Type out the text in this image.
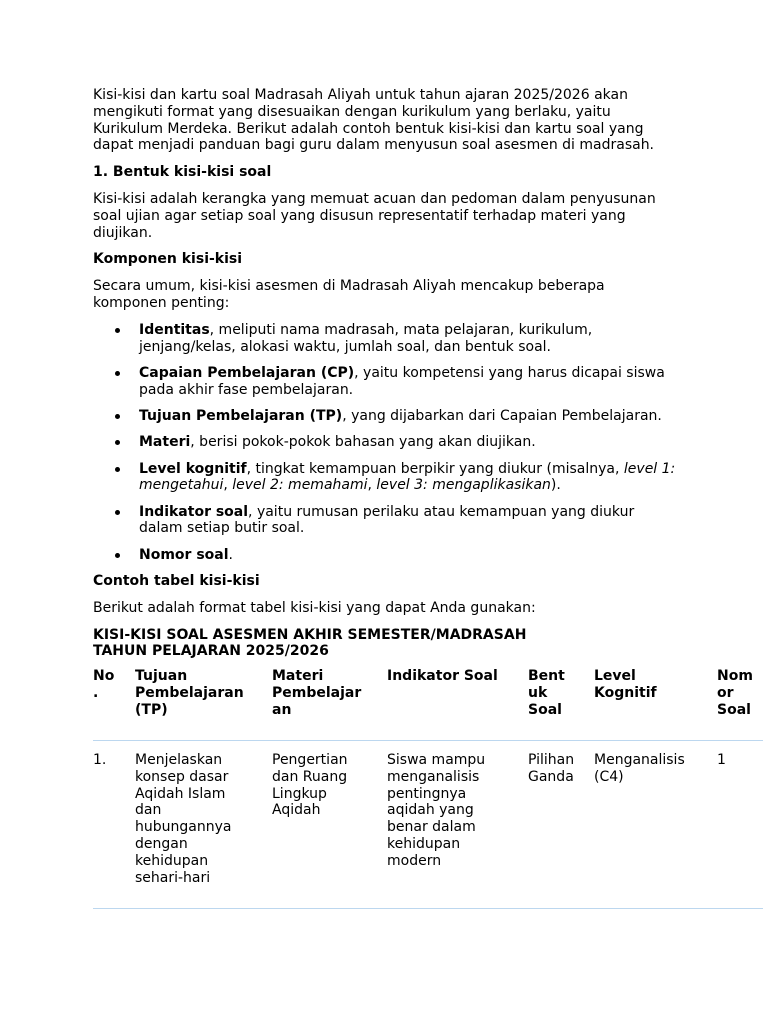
Kisi-kisi dan kartu soal Madrasah Aliyah untuk tahun ajaran 2025/2026 akan mengikuti format yang disesuaikan dengan kurikulum yang berlaku, yaitu Kurikulum Merdeka. Berikut adalah contoh bentuk kisi-kisi dan kartu soal yang dapat menjadi panduan bagi guru dalam menyusun soal asesmen di madrasah.

1. Bentuk kisi-kisi soal

Kisi-kisi adalah kerangka yang memuat acuan dan pedoman dalam penyusunan soal ujian agar setiap soal yang disusun representatif terhadap materi yang diujikan.

Komponen kisi-kisi

Secara umum, kisi-kisi asesmen di Madrasah Aliyah mencakup beberapa komponen penting:

Identitas, meliputi nama madrasah, mata pelajaran, kurikulum, jenjang/kelas, alokasi waktu, jumlah soal, dan bentuk soal.
Capaian Pembelajaran (CP), yaitu kompetensi yang harus dicapai siswa pada akhir fase pembelajaran.
Tujuan Pembelajaran (TP), yang dijabarkan dari Capaian Pembelajaran.
Materi, berisi pokok-pokok bahasan yang akan diujikan.
Level kognitif, tingkat kemampuan berpikir yang diukur (misalnya, level 1: mengetahui, level 2: memahami, level 3: mengaplikasikan).
Indikator soal, yaitu rumusan perilaku atau kemampuan yang diukur dalam setiap butir soal.
Nomor soal.
Contoh tabel kisi-kisi

Berikut adalah format tabel kisi-kisi yang dapat Anda gunakan:

KISI-KISI SOAL ASESMEN AKHIR SEMESTER/MADRASAH
TAHUN PELAJARAN 2025/2026
No
.
Tujuan
Pembelajaran
(TP)
Materi
Pembelajar
an
Indikator Soal	Bent
uk
Soal
Level
Kognitif
Nom
or
Soal
1.	Menjelaskan
konsep dasar
Aqidah Islam
dan
hubungannya
dengan
kehidupan
sehari-hari
Pengertian
dan Ruang
Lingkup
Aqidah
Siswa mampu
menganalisis
pentingnya
aqidah yang
benar dalam
kehidupan
modern
Pilihan
Ganda
Menganalisis
(C4)
1
